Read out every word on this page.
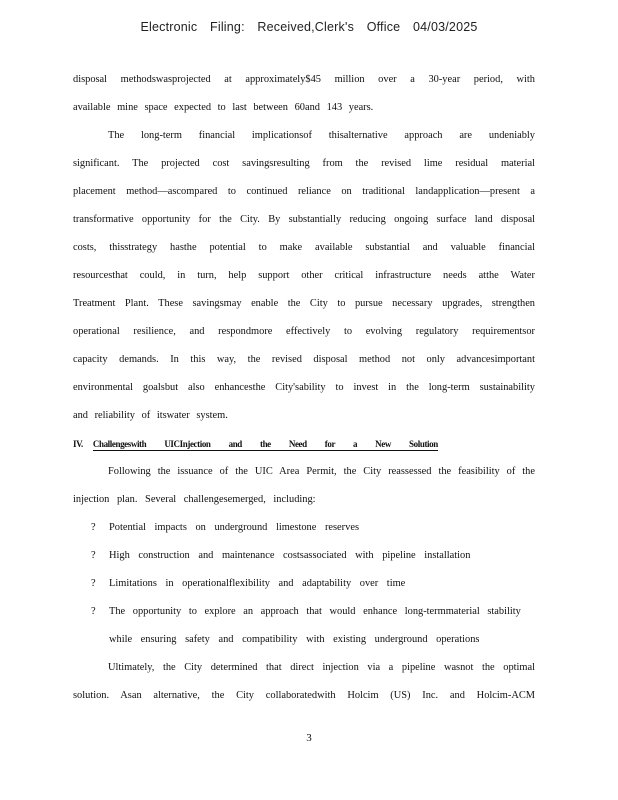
Electronic Filing: Received,Clerk's Office 04/03/2025
disposal methodswasprojected at approximately$45 million over a 30-year period, with
available mine space expected to last between 60and 143 years.
The long-term financial implicationsof thisalternative approach are undeniably
significant. The projected cost savingsresulting from the revised lime residual material
placement method—ascompared to continued reliance on traditional landapplication—present a
transformative opportunity for the City. By substantially reducing ongoing surface land disposal
costs, thisstrategy hasthe potential to make available substantial and valuable financial
resourcesthat could, in turn, help support other critical infrastructure needs atthe Water
Treatment Plant. These savingsmay enable the City to pursue necessary upgrades, strengthen
operational resilience, and respondmore effectively to evolving regulatory requirementsor
capacity demands. In this way, the revised disposal method not only advancesimportant
environmental goalsbut also enhancesthe City'sability to invest in the long-term sustainability
and reliability of itswater system.
IV. Challengeswith UICInjection and the Need for a New Solution
Following the issuance of the UIC Area Permit, the City reassessed the feasibility of the
injection plan. Several challengesemerged, including:
? Potential impacts on underground limestone reserves
? High construction and maintenance costsassociated with pipeline installation
? Limitations in operationalflexibility and adaptability over time
? The opportunity to explore an approach that would enhance long-termmaterial stability
while ensuring safety and compatibility with existing underground operations
Ultimately, the City determined that direct injection via a pipeline wasnot the optimal
solution. Asan alternative, the City collaboratedwith Holcim (US) Inc. and Holcim-ACM
3
